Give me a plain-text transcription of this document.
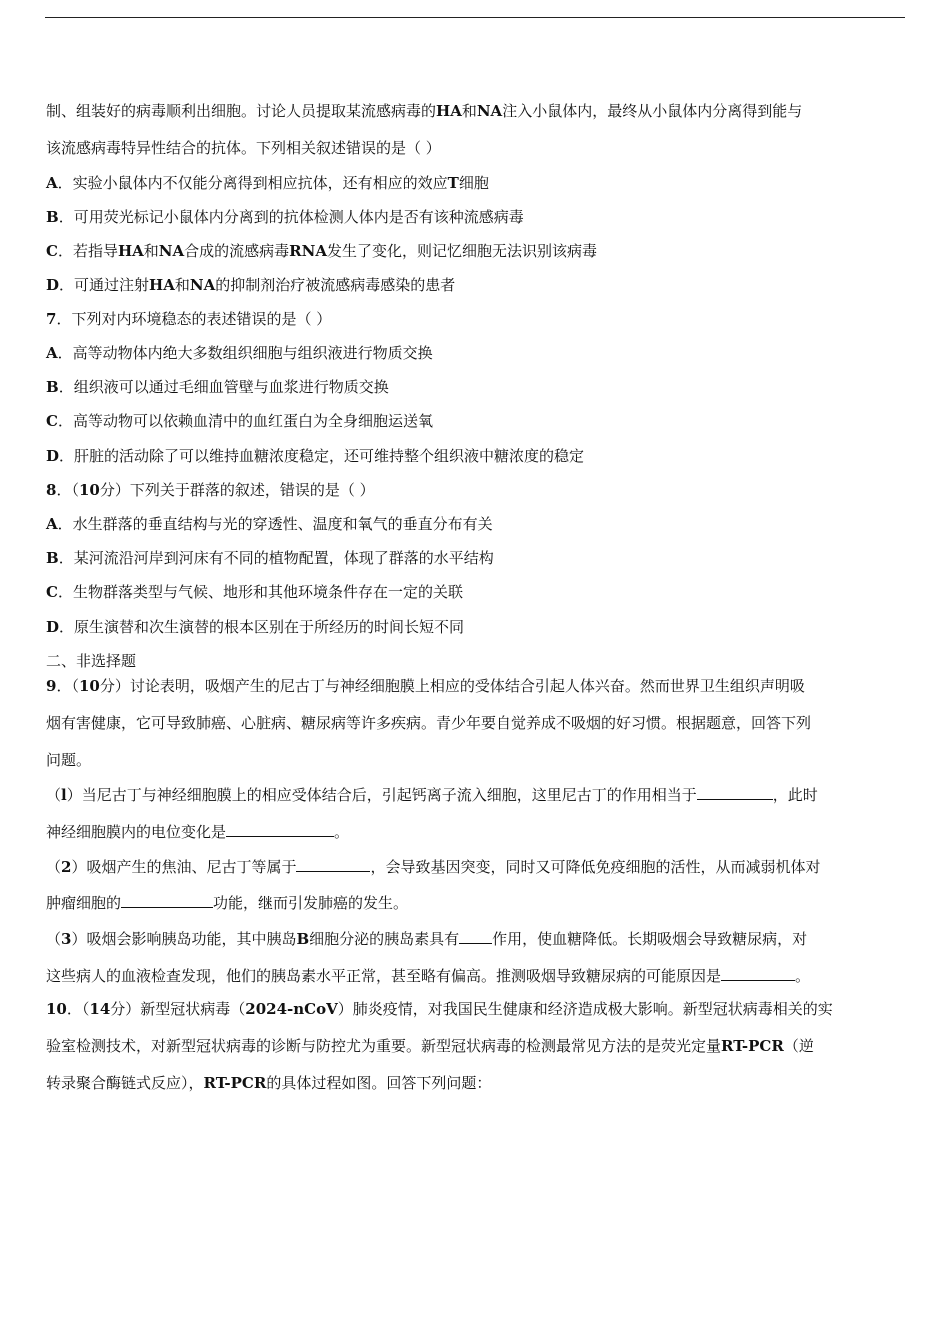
制、组装好的病毒顺利出细胞。讨论人员提取某流感病毒的HA和NA注入小鼠体内，最终从小鼠体内分离得到能与
该流感病毒特异性结合的抗体。下列相关叙述错误的是（ ）
A．实验小鼠体内不仅能分离得到相应抗体，还有相应的效应T细胞
B．可用荧光标记小鼠体内分离到的抗体检测人体内是否有该种流感病毒
C．若指导HA和NA合成的流感病毒RNA发生了变化，则记忆细胞无法识别该病毒
D．可通过注射HA和NA的抑制剂治疗被流感病毒感染的患者
7．下列对内环境稳态的表述错误的是（ ）
A．高等动物体内绝大多数组织细胞与组织液进行物质交换
B．组织液可以通过毛细血管壁与血浆进行物质交换
C．高等动物可以依赖血清中的血红蛋白为全身细胞运送氧
D．肝脏的活动除了可以维持血糖浓度稳定，还可维持整个组织液中糖浓度的稳定
8．（10分）下列关于群落的叙述，错误的是（ ）
A．水生群落的垂直结构与光的穿透性、温度和氧气的垂直分布有关
B．某河流沿河岸到河床有不同的植物配置，体现了群落的水平结构
C．生物群落类型与气候、地形和其他环境条件存在一定的关联
D．原生演替和次生演替的根本区别在于所经历的时间长短不同
二、非选择题
9．（10分）讨论表明，吸烟产生的尼古丁与神经细胞膜上相应的受体结合引起人体兴奋。然而世界卫生组织声明吸
烟有害健康，它可导致肺癌、心脏病、糖尿病等许多疾病。青少年要自觉养成不吸烟的好习惯。根据题意，回答下列
问题。
（l）当尼古丁与神经细胞膜上的相应受体结合后，引起钙离子流入细胞，这里尼古丁的作用相当于	，此时
神经细胞膜内的电位变化是	。
（2）吸烟产生的焦油、尼古丁等属于	，会导致基因突变，同时又可降低免疫细胞的活性，从而减弱机体对
肿瘤细胞的	功能，继而引发肺癌的发生。
（3）吸烟会影响胰岛功能，其中胰岛B细胞分泌的胰岛素具有 作用，使血糖降低。长期吸烟会导致糖尿病，对
这些病人的血液检查发现，他们的胰岛素水平正常，甚至略有偏高。推测吸烟导致糖尿病的可能原因是	。
10．（14分）新型冠状病毒（2024-nCoV）肺炎疫情，对我国民生健康和经济造成极大影响。新型冠状病毒相关的实
验室检测技术，对新型冠状病毒的诊断与防控尤为重要。新型冠状病毒的检测最常见方法的是荧光定量RT-PCR（逆
转录聚合酶链式反应），RT-PCR的具体过程如图。回答下列问题：
